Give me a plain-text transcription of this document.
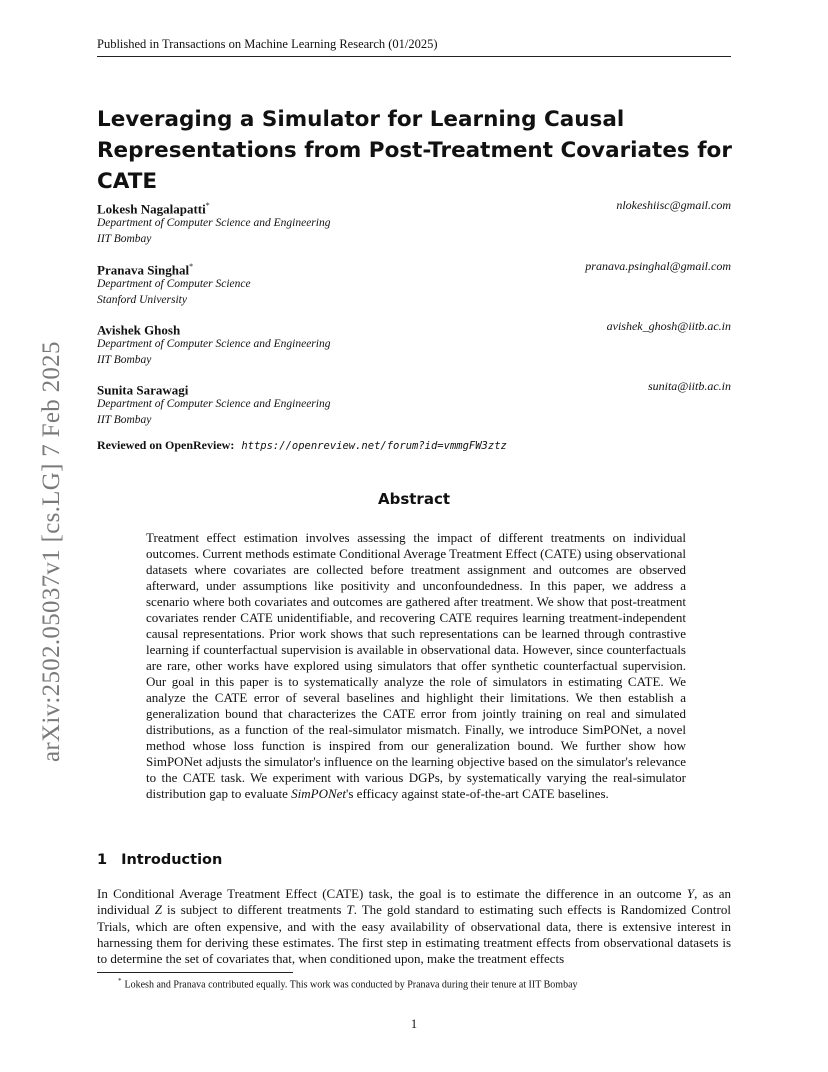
Published in Transactions on Machine Learning Research (01/2025)
arXiv:2502.05037v1 [cs.LG] 7 Feb 2025
Leveraging a Simulator for Learning Causal Representations from Post-Treatment Covariates for CATE
Lokesh Nagalapatti*	nlokeshiisc@gmail.com
Department of Computer Science and Engineering
IIT Bombay
Pranava Singhal*	pranava.psinghal@gmail.com
Department of Computer Science
Stanford University
Avishek Ghosh	avishek_ghosh@iitb.ac.in
Department of Computer Science and Engineering
IIT Bombay
Sunita Sarawagi	sunita@iitb.ac.in
Department of Computer Science and Engineering
IIT Bombay
Reviewed on OpenReview: https://openreview.net/forum?id=vmmgFW3ztz
Abstract

Treatment effect estimation involves assessing the impact of different treatments on individual outcomes. Current methods estimate Conditional Average Treatment Effect (CATE) using observational datasets where covariates are collected before treatment assignment and outcomes are observed afterward, under assumptions like positivity and unconfoundedness. In this paper, we address a scenario where both covariates and outcomes are gathered after treatment. We show that post-treatment covariates render CATE unidentifiable, and recovering CATE requires learning treatment-independent causal representations. Prior work shows that such representations can be learned through contrastive learning if counterfactual supervision is available in observational data. However, since counterfactuals are rare, other works have explored using simulators that offer synthetic counterfactual supervision. Our goal in this paper is to systematically analyze the role of simulators in estimating CATE. We analyze the CATE error of several baselines and highlight their limitations. We then establish a generalization bound that characterizes the CATE error from jointly training on real and simulated distributions, as a function of the real-simulator mismatch. Finally, we introduce SimPONet, a novel method whose loss function is inspired from our generalization bound. We further show how SimPONet adjusts the simulator's influence on the learning objective based on the simulator's relevance to the CATE task. We experiment with various DGPs, by systematically varying the real-simulator distribution gap to evaluate SimPONet's efficacy against state-of-the-art CATE baselines.

1 Introduction

In Conditional Average Treatment Effect (CATE) task, the goal is to estimate the difference in an outcome Y, as an individual Z is subject to different treatments T. The gold standard to estimating such effects is Randomized Control Trials, which are often expensive, and with the easy availability of observational data, there is extensive interest in harnessing them for deriving these estimates. The first step in estimating treatment effects from observational datasets is to determine the set of covariates that, when conditioned upon, make the treatment effects

* Lokesh and Pranava contributed equally. This work was conducted by Pranava during their tenure at IIT Bombay
1
